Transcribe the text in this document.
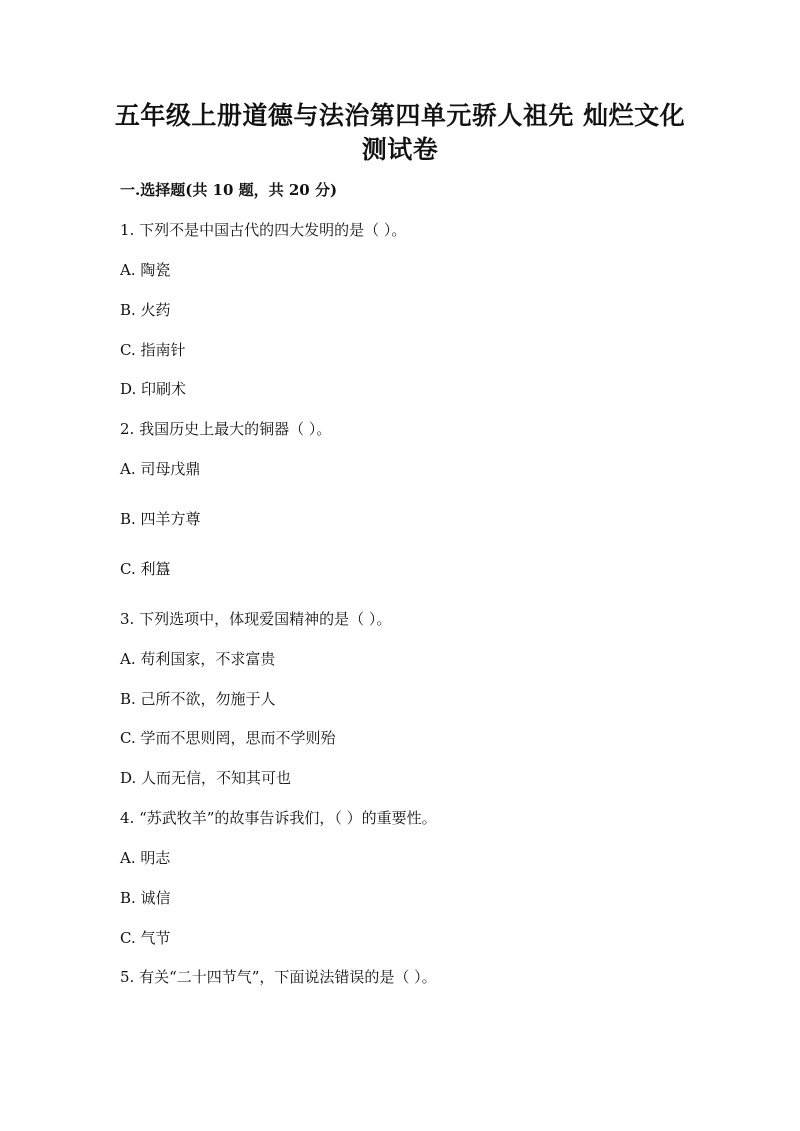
五年级上册道德与法治第四单元骄人祖先 灿烂文化
测试卷
一.选择题(共 10 题，共 20 分)
1. 下列不是中国古代的四大发明的是（ ）。
A. 陶瓷
B. 火药
C. 指南针
D. 印刷术
2. 我国历史上最大的铜器（ ）。
A. 司母戊鼎
B. 四羊方尊
C. 利簋
3. 下列选项中，体现爱国精神的是（ ）。
A. 苟利国家，不求富贵
B. 己所不欲，勿施于人
C. 学而不思则罔，思而不学则殆
D. 人而无信，不知其可也
4. “苏武牧羊”的故事告诉我们，（ ）的重要性。
A. 明志
B. 诚信
C. 气节
5. 有关“二十四节气”，下面说法错误的是（ ）。
